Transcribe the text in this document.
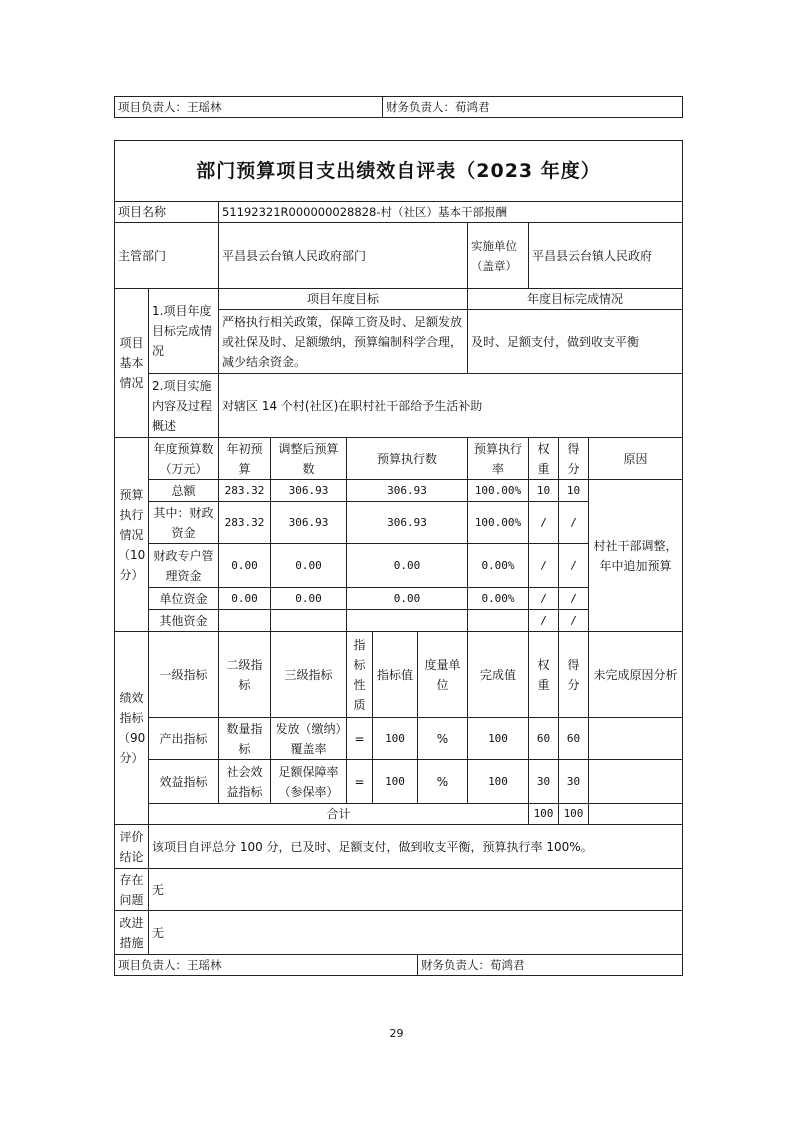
项目负责人：王瑶林	财务负责人：荀鸿君
部门预算项目支出绩效自评表（2023 年度）										
项目名称		51192321R000000028828-村（社区）基本干部报酬								
主管部门		平昌县云台镇人民政府部门					实施单位（盖章）	平昌县云台镇人民政府		
项目基本情况	1.项目年度目标完成情况	项目年度目标					年度目标完成情况			
		严格执行相关政策，保障工资及时、足额发放或社保及时、足额缴纳，预算编制科学合理，减少结余资金。					及时、足额支付，做到收支平衡			
	2.项目实施内容及过程概述	对辖区 14 个村(社区)在职村社干部给予生活补助								
预算执行情况（10分）	年度预算数（万元）	年初预算	调整后预算数	预算执行数			预算执行率	权重	得分	原因
	总额	283.32	306.93	306.93			100.00%	10	10	村社干部调整，年中追加预算
	其中：财政资金	283.32	306.93	306.93			100.00%	/	/	
	财政专户管理资金	0.00	0.00	0.00			0.00%	/	/	
	单位资金	0.00	0.00	0.00			0.00%	/	/	
	其他资金							/	/	
绩效指标（90分）	一级指标	二级指标	三级指标	指标性质	指标值	度量单位	完成值	权重	得分	未完成原因分析
	产出指标	数量指标	发放（缴纳）覆盖率	=	100	%	100	60	60	
	效益指标	社会效益指标	足额保障率（参保率）	=	100	%	100	30	30	
	合计							100	100	
评价结论	该项目自评总分 100 分，已及时、足额支付，做到收支平衡，预算执行率 100%。									
存在问题	无									
改进措施	无									
项目负责人：王瑶林						财务负责人：荀鸿君				
29
